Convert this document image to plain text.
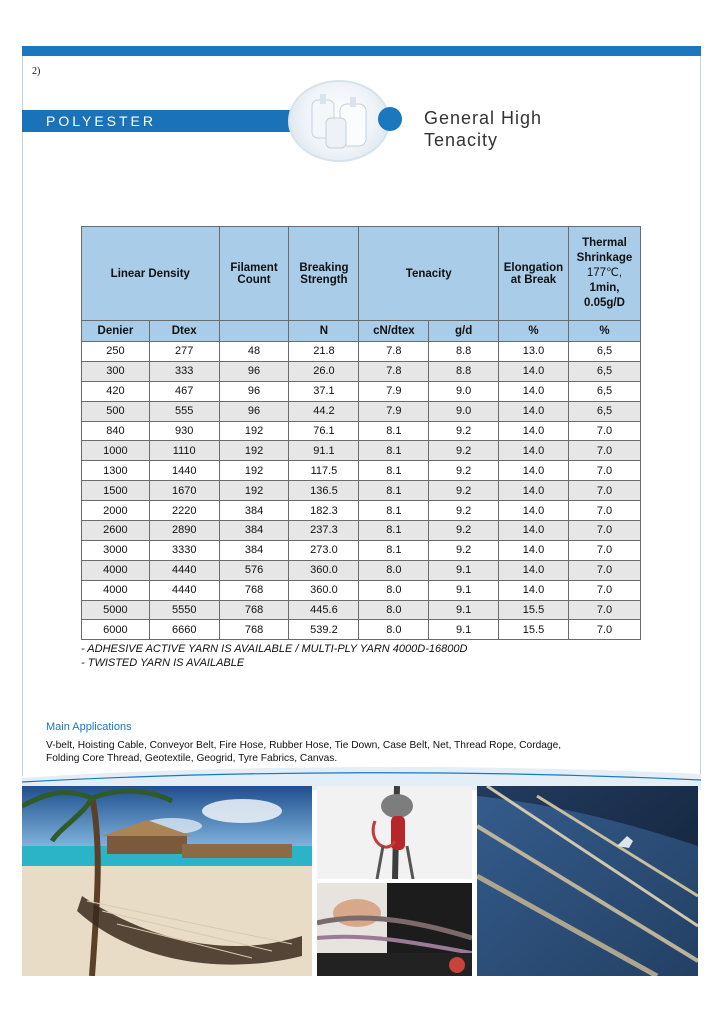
2)
POLYESTER	General High
Tenacity
Linear Density		Filament Count	Breaking Strength	Tenacity		Elongation at Break	Thermal Shrinkage
177℃,
1min,
0.05g/D

Denier	Dtex		N	cN/dtex	g/d	%	%
250	277	48	21.8	7.8	8.8	13.0	6,5
300	333	96	26.0	7.8	8.8	14.0	6,5
420	467	96	37.1	7.9	9.0	14.0	6,5
500	555	96	44.2	7.9	9.0	14.0	6,5
840	930	192	76.1	8.1	9.2	14.0	7.0
1000	1110	192	91.1	8.1	9.2	14.0	7.0
1300	1440	192	117.5	8.1	9.2	14.0	7.0
1500	1670	192	136.5	8.1	9.2	14.0	7.0
2000	2220	384	182.3	8.1	9.2	14.0	7.0
2600	2890	384	237.3	8.1	9.2	14.0	7.0
3000	3330	384	273.0	8.1	9.2	14.0	7.0
4000	4440	576	360.0	8.0	9.1	14.0	7.0
4000	4440	768	360.0	8.0	9.1	14.0	7.0
5000	5550	768	445.6	8.0	9.1	15.5	7.0
6000	6660	768	539.2	8.0	9.1	15.5	7.0
- ADHESIVE ACTIVE YARN IS AVAILABLE / MULTI-PLY YARN 4000D-16800D
- TWISTED YARN IS AVAILABLE
Main Applications
V-belt, Hoisting Cable, Conveyor Belt, Fire Hose, Rubber Hose, Tie Down, Case Belt, Net, Thread Rope, Cordage,
Folding Core Thread, Geotextile, Geogrid, Tyre Fabrics, Canvas.
